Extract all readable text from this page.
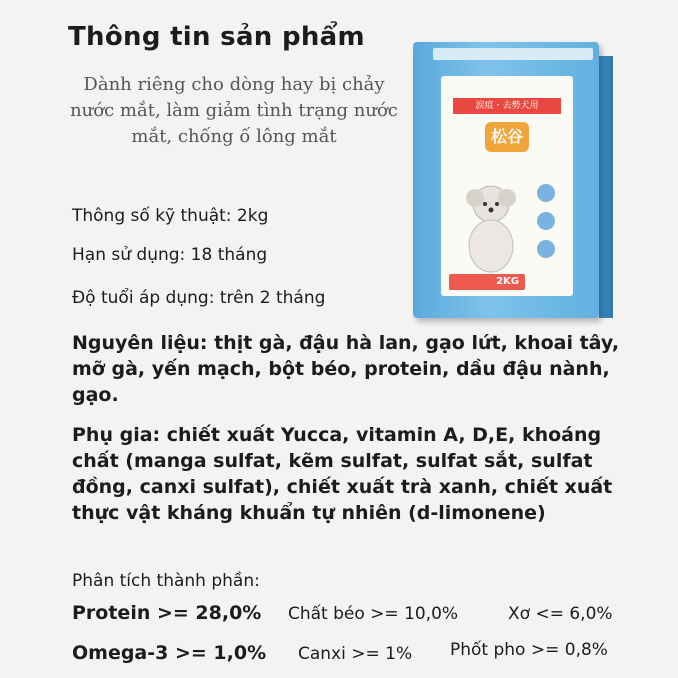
Thông tin sản phẩm
Dành riêng cho dòng hay bị chảy nước mắt, làm giảm tình trạng nước mắt, chống ố lông mắt
Thông số kỹ thuật: 2kg
Hạn sử dụng: 18 tháng
Độ tuổi áp dụng: trên 2 tháng
Nguyên liệu: thịt gà, đậu hà lan, gạo lứt, khoai tây, mỡ gà, yến mạch, bột béo, protein, dầu đậu nành, gạo.
Phụ gia: chiết xuất Yucca, vitamin A, D,E, khoáng chất (manga sulfat, kẽm sulfat, sulfat sắt, sulfat đồng, canxi sulfat), chiết xuất trà xanh, chiết xuất thực vật kháng khuẩn tự nhiên (d-limonene)
Phân tích thành phần:
Protein >= 28,0% Chất béo >= 10,0%	Xơ <= 6,0%
Omega-3 >= 1,0% Canxi >= 1% Phốt pho >= 0,8%
涙痕・去勢犬用
松谷
2KG
